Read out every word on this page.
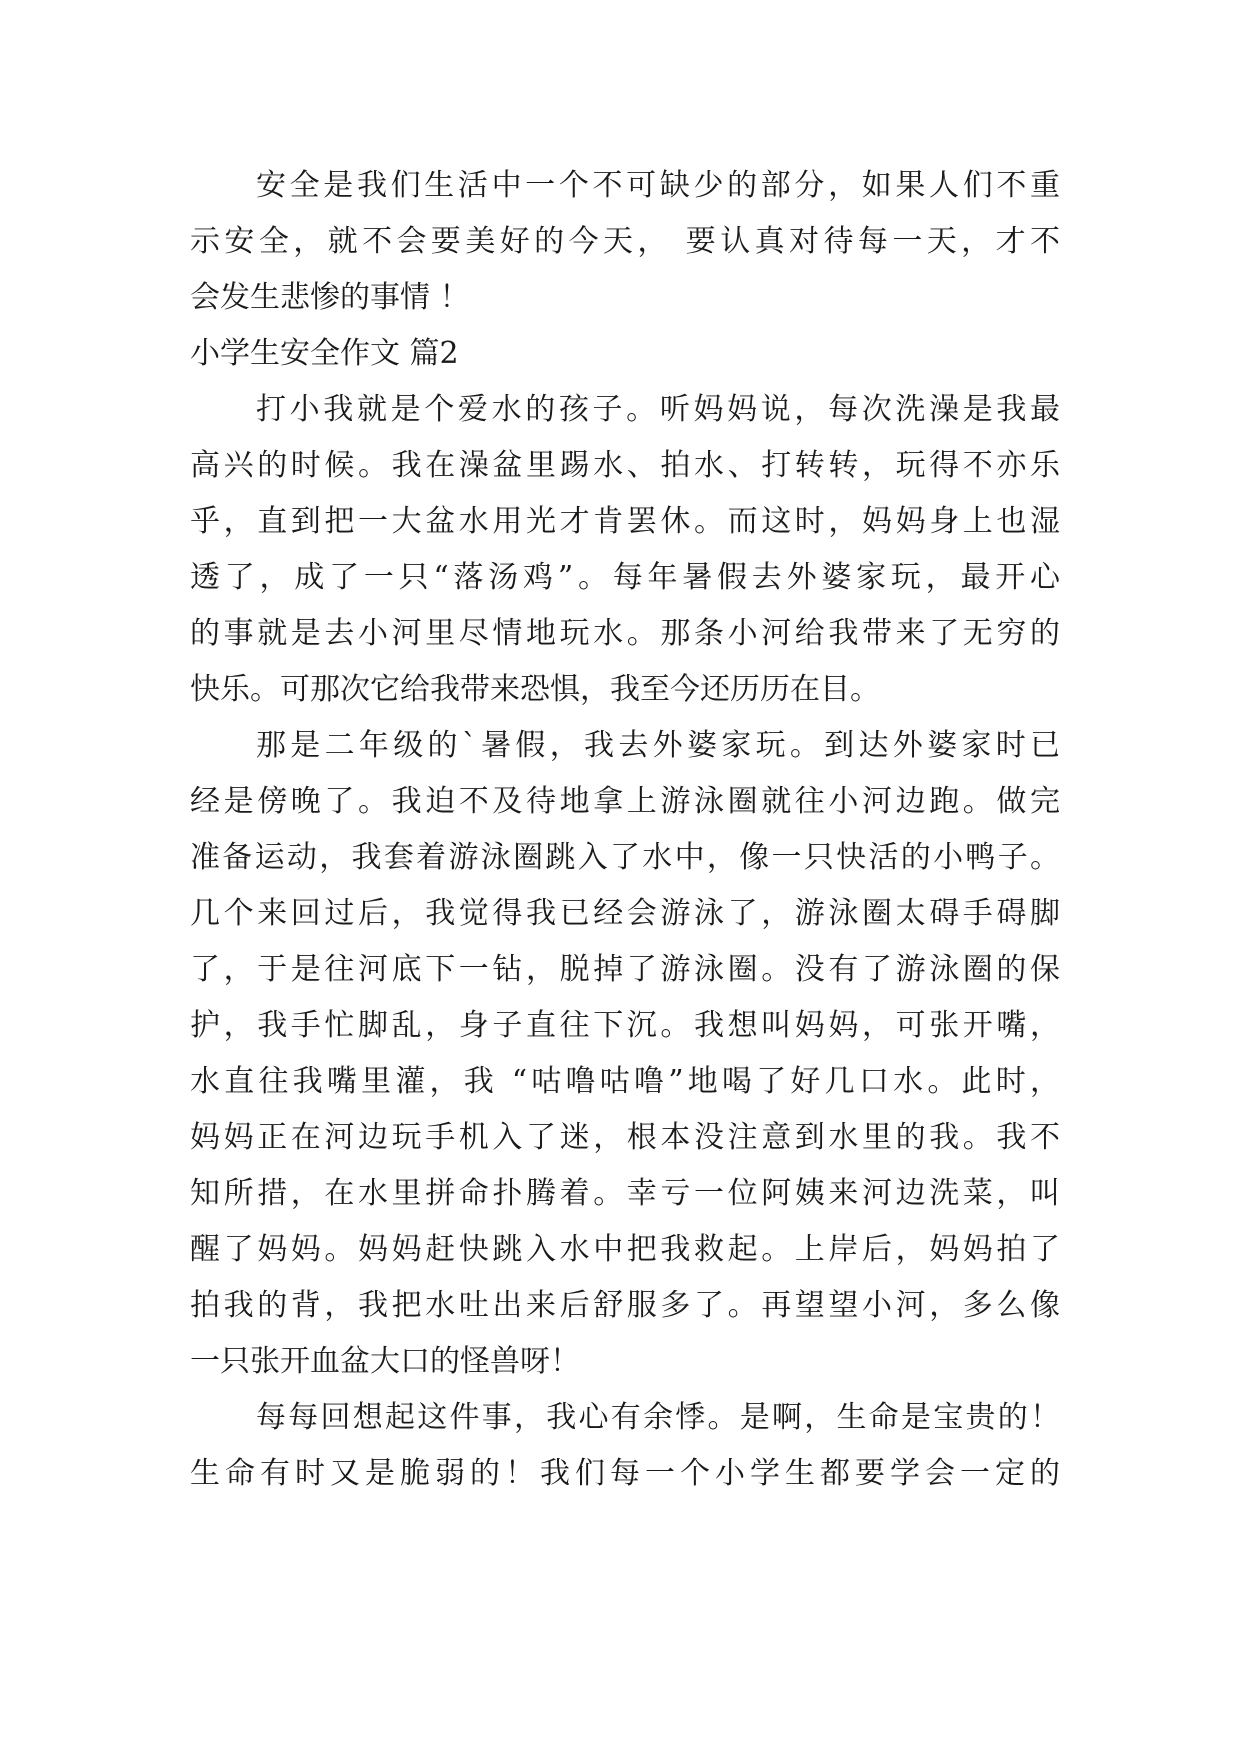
安全是我们生活中一个不可缺少的部分，如果人们不重
示安全，就不会要美好的今天， 要认真对待每一天，才不
会发生悲惨的事情 ！
小学生安全作文 篇2
打小我就是个爱水的孩子。听妈妈说，每次洗澡是我最
高兴的时候。我在澡盆里踢水、拍水、打转转，玩得不亦乐
乎，直到把一大盆水用光才肯罢休。而这时，妈妈身上也湿
透了，成了一只“落汤鸡”。每年暑假去外婆家玩，最开心
的事就是去小河里尽情地玩水。那条小河给我带来了无穷的
快乐。可那次它给我带来恐惧，我至今还历历在目。
那是二年级的`暑假，我去外婆家玩。到达外婆家时已
经是傍晚了。我迫不及待地拿上游泳圈就往小河边跑。做完
准备运动，我套着游泳圈跳入了水中，像一只快活的小鸭子。
几个来回过后，我觉得我已经会游泳了，游泳圈太碍手碍脚
了，于是往河底下一钻，脱掉了游泳圈。没有了游泳圈的保
护，我手忙脚乱，身子直往下沉。我想叫妈妈，可张开嘴，
水直往我嘴里灌，我 “咕噜咕噜”地喝了好几口水。此时，
妈妈正在河边玩手机入了迷，根本没注意到水里的我。我不
知所措，在水里拼命扑腾着。幸亏一位阿姨来河边洗菜，叫
醒了妈妈。妈妈赶快跳入水中把我救起。上岸后，妈妈拍了
拍我的背，我把水吐出来后舒服多了。再望望小河，多么像
一只张开血盆大口的怪兽呀！
每每回想起这件事，我心有余悸。是啊，生命是宝贵的！
生命有时又是脆弱的！我们每一个小学生都要学会一定的
